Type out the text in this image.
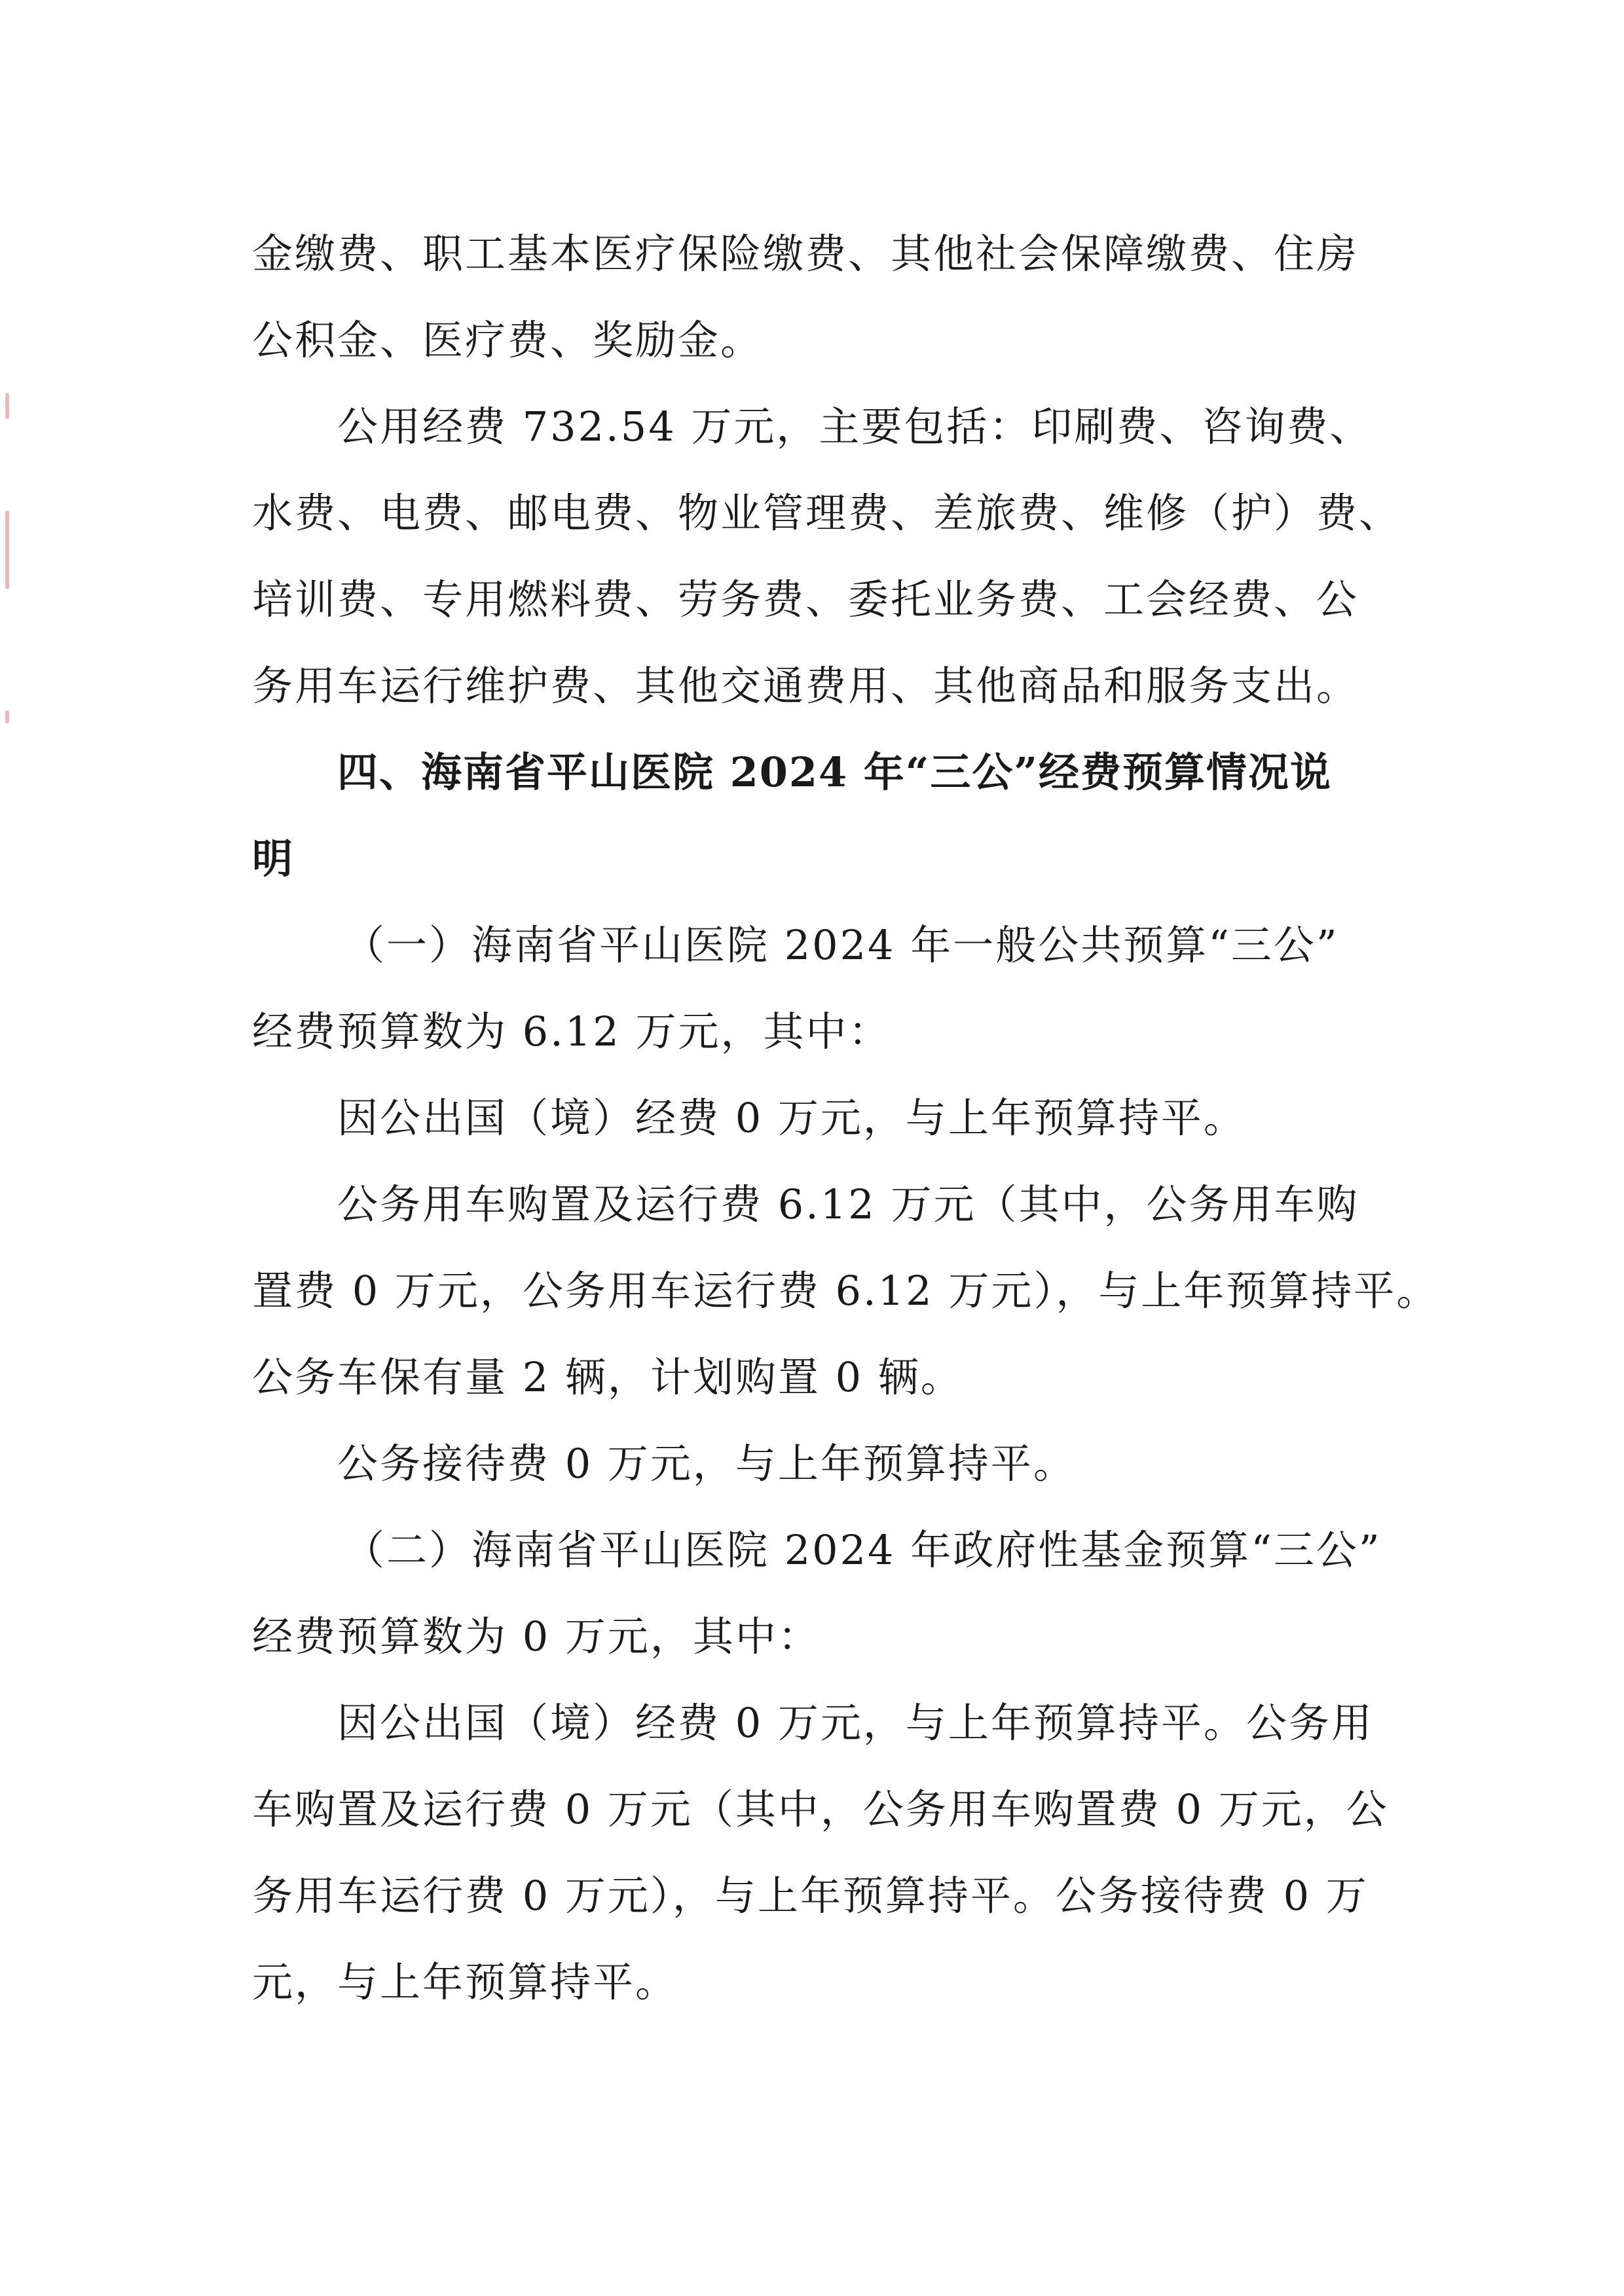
金缴费、职工基本医疗保险缴费、其他社会保障缴费、住房
公积金、医疗费、奖励金。
公用经费 732.54 万元，主要包括：印刷费、咨询费、
水费、电费、邮电费、物业管理费、差旅费、维修（护）费、
培训费、专用燃料费、劳务费、委托业务费、工会经费、公
务用车运行维护费、其他交通费用、其他商品和服务支出。
四、海南省平山医院 2024 年“三公”经费预算情况说
明
（一）海南省平山医院 2024 年一般公共预算“三公”
经费预算数为 6.12 万元，其中：
因公出国（境）经费 0 万元，与上年预算持平。
公务用车购置及运行费 6.12 万元（其中，公务用车购
置费 0 万元，公务用车运行费 6.12 万元），与上年预算持平。
公务车保有量 2 辆，计划购置 0 辆。
公务接待费 0 万元，与上年预算持平。
（二）海南省平山医院 2024 年政府性基金预算“三公”
经费预算数为 0 万元，其中：
因公出国（境）经费 0 万元，与上年预算持平。公务用
车购置及运行费 0 万元（其中，公务用车购置费 0 万元，公
务用车运行费 0 万元），与上年预算持平。公务接待费 0 万
元，与上年预算持平。
